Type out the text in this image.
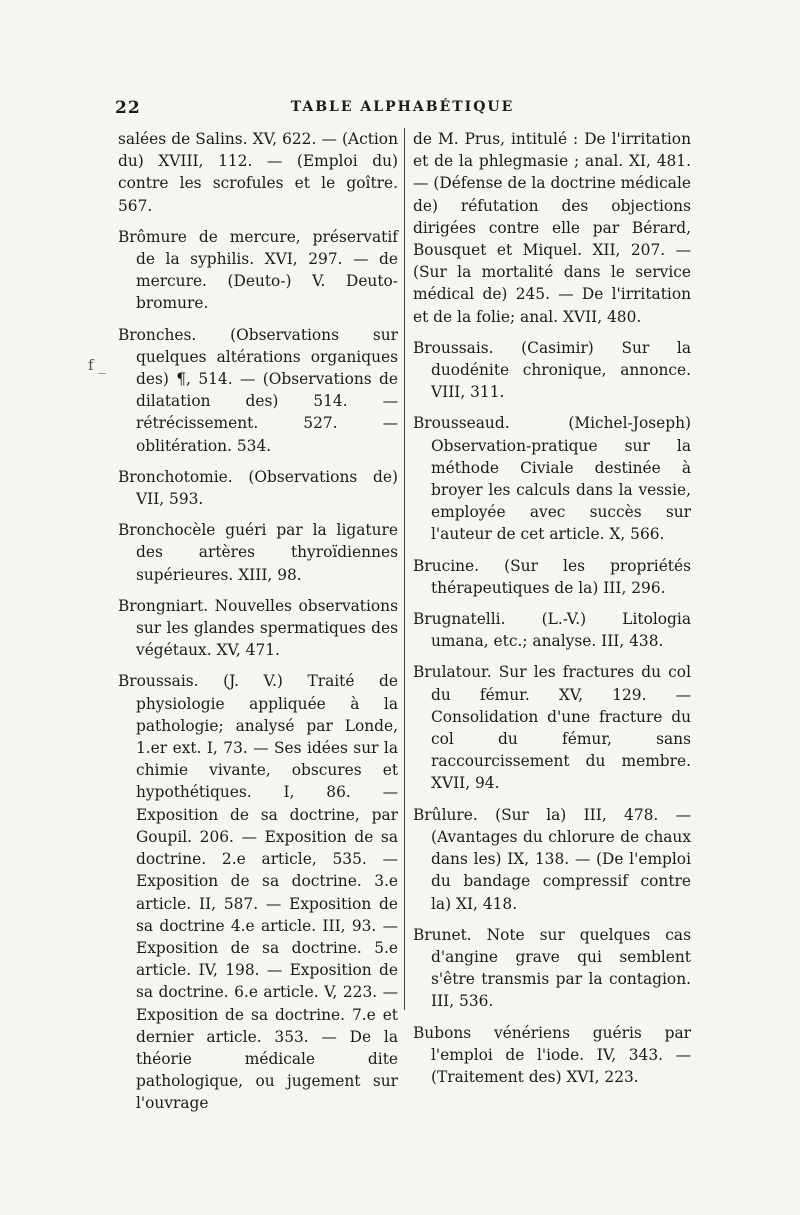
22	TABLE ALPHABÉTIQUE
f _

salées de Salins. XV, 622. — (Action du) XVIII, 112. — (Emploi du) contre les scrofules et le goître. 567.

Brômure de mercure, préservatif de la syphilis. XVI, 297. — de mercure. (Deuto-) V. Deuto-bromure.

Bronches. (Observations sur quelques altérations organiques des) ¶, 514. — (Observations de dilatation des) 514. — rétrécissement. 527. — oblitération. 534.

Bronchotomie. (Observations de) VII, 593.

Bronchocèle guéri par la ligature des artères thyroïdiennes supérieures. XIII, 98.

Brongniart. Nouvelles observations sur les glandes spermatiques des végétaux. XV, 471.

Broussais. (J. V.) Traité de physiologie appliquée à la pathologie; analysé par Londe, 1.er ext. I, 73. — Ses idées sur la chimie vivante, obscures et hypothétiques. I, 86. — Exposition de sa doctrine, par Goupil. 206. — Exposition de sa doctrine. 2.e article, 535. — Exposition de sa doctrine. 3.e article. II, 587. — Exposition de sa doctrine 4.e article. III, 93. — Exposition de sa doctrine. 5.e article. IV, 198. — Exposition de sa doctrine. 6.e article. V, 223. — Exposition de sa doctrine. 7.e et dernier article. 353. — De la théorie médicale dite pathologique, ou jugement sur l'ouvrage

de M. Prus, intitulé : De l'irritation et de la phlegmasie ; anal. XI, 481. — (Défense de la doctrine médicale de) réfutation des objections dirigées contre elle par Bérard, Bousquet et Miquel. XII, 207. — (Sur la mortalité dans le service médical de) 245. — De l'irritation et de la folie; anal. XVII, 480.

Broussais. (Casimir) Sur la duodénite chronique, annonce. VIII, 311.

Brousseaud. (Michel-Joseph) Observation-pratique sur la méthode Civiale destinée à broyer les calculs dans la vessie, employée avec succès sur l'auteur de cet article. X, 566.

Brucine. (Sur les propriétés thérapeutiques de la) III, 296.

Brugnatelli. (L.-V.) Litologia umana, etc.; analyse. III, 438.

Brulatour. Sur les fractures du col du fémur. XV, 129. — Consolidation d'une fracture du col du fémur, sans raccourcissement du membre. XVII, 94.

Brûlure. (Sur la) III, 478. — (Avantages du chlorure de chaux dans les) IX, 138. — (De l'emploi du bandage compressif contre la) XI, 418.

Brunet. Note sur quelques cas d'angine grave qui semblent s'être transmis par la contagion. III, 536.

Bubons vénériens guéris par l'emploi de l'iode. IV, 343. — (Traitement des) XVI, 223.
